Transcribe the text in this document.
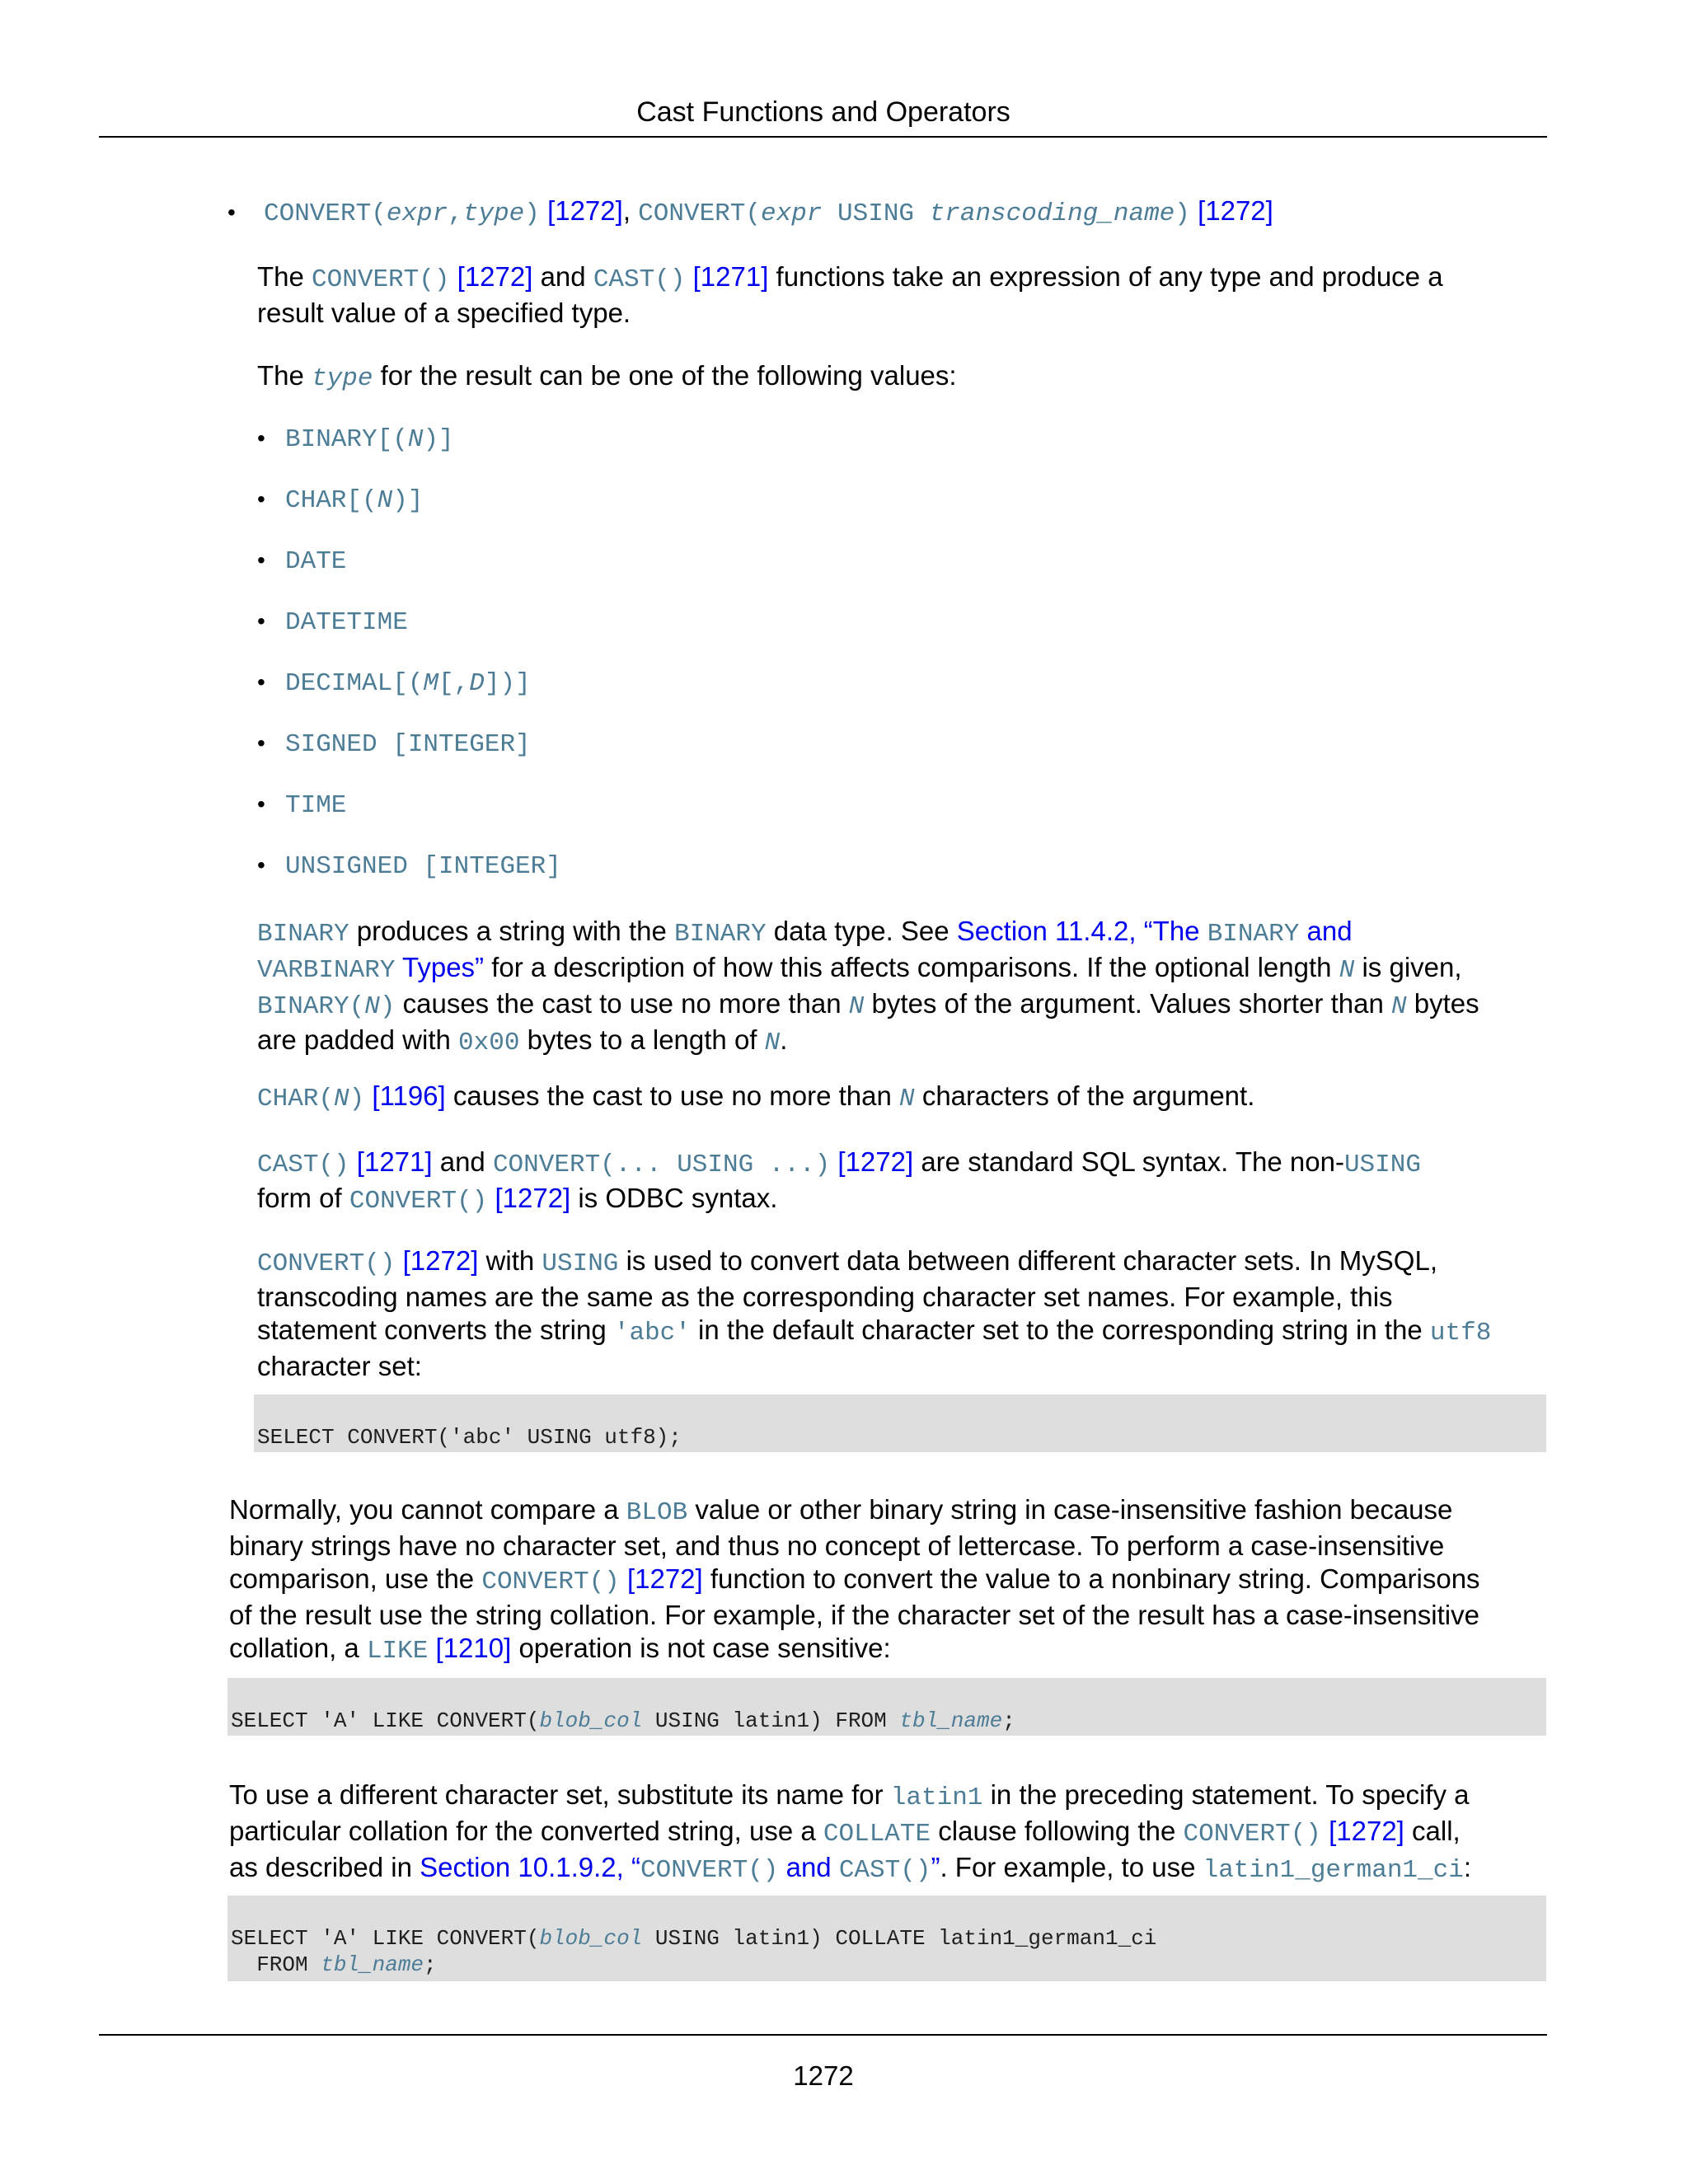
Cast Functions and Operators
• CONVERT(expr,type) [1272], CONVERT(expr USING transcoding_name) [1272]

The CONVERT() [1272] and CAST() [1271] functions take an expression of any type and produce a
result value of a specified type.

The type for the result can be one of the following values:

• BINARY[(N)]

• CHAR[(N)]

• DATE

• DATETIME

• DECIMAL[(M[,D])]

• SIGNED [INTEGER]

• TIME

• UNSIGNED [INTEGER]

BINARY produces a string with the BINARY data type. See Section 11.4.2, “The BINARY and
VARBINARY Types” for a description of how this affects comparisons. If the optional length N is given,
BINARY(N) causes the cast to use no more than N bytes of the argument. Values shorter than N bytes
are padded with 0x00 bytes to a length of N.

CHAR(N) [1196] causes the cast to use no more than N characters of the argument.

CAST() [1271] and CONVERT(... USING ...) [1272] are standard SQL syntax. The non-USING
form of CONVERT() [1272] is ODBC syntax.

CONVERT() [1272] with USING is used to convert data between different character sets. In MySQL,
transcoding names are the same as the corresponding character set names. For example, this
statement converts the string 'abc' in the default character set to the corresponding string in the utf8
character set:

SELECT CONVERT('abc' USING utf8);

Normally, you cannot compare a BLOB value or other binary string in case-insensitive fashion because
binary strings have no character set, and thus no concept of lettercase. To perform a case-insensitive
comparison, use the CONVERT() [1272] function to convert the value to a nonbinary string. Comparisons
of the result use the string collation. For example, if the character set of the result has a case-insensitive
collation, a LIKE [1210] operation is not case sensitive:

SELECT 'A' LIKE CONVERT(blob_col USING latin1) FROM tbl_name;

To use a different character set, substitute its name for latin1 in the preceding statement. To specify a
particular collation for the converted string, use a COLLATE clause following the CONVERT() [1272] call,
as described in Section 10.1.9.2, “CONVERT() and CAST()”. For example, to use latin1_german1_ci:

SELECT 'A' LIKE CONVERT(blob_col USING latin1) COLLATE latin1_german1_ci
FROM tbl_name;
1272
